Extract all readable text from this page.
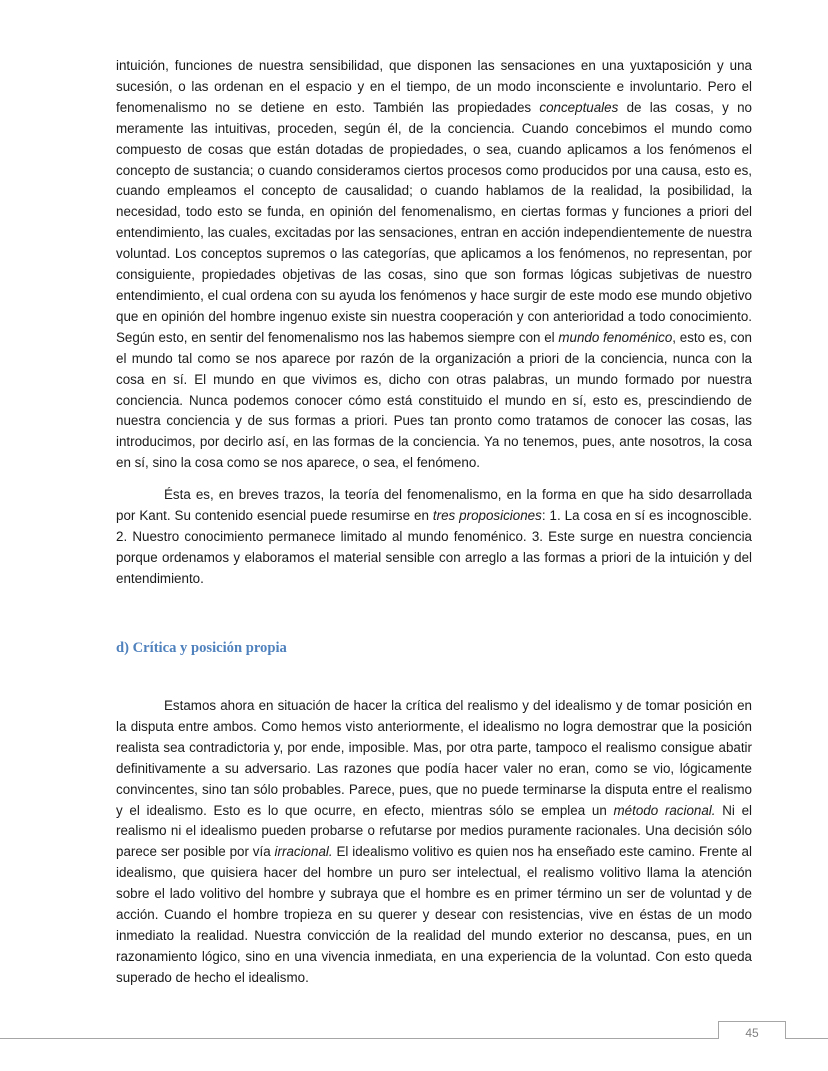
intuición, funciones de nuestra sensibilidad, que disponen las sensaciones en una yuxtaposición y una sucesión, o las ordenan en el espacio y en el tiempo, de un modo inconsciente e involuntario. Pero el fenomenalismo no se detiene en esto. También las propiedades conceptuales de las cosas, y no meramente las intuitivas, proceden, según él, de la conciencia. Cuando concebimos el mundo como compuesto de cosas que están dotadas de propiedades, o sea, cuando aplicamos a los fenómenos el concepto de sustancia; o cuando consideramos ciertos procesos como producidos por una causa, esto es, cuando empleamos el concepto de causalidad; o cuando hablamos de la realidad, la posibilidad, la necesidad, todo esto se funda, en opinión del fenomenalismo, en ciertas formas y funciones a priori del entendimiento, las cuales, excitadas por las sensaciones, entran en acción independientemente de nuestra voluntad. Los conceptos supremos o las categorías, que aplicamos a los fenómenos, no representan, por consiguiente, propiedades objetivas de las cosas, sino que son formas lógicas subjetivas de nuestro entendimiento, el cual ordena con su ayuda los fenómenos y hace surgir de este modo ese mundo objetivo que en opinión del hombre ingenuo existe sin nuestra cooperación y con anterioridad a todo conocimiento. Según esto, en sentir del fenomenalismo nos las habemos siempre con el mundo fenoménico, esto es, con el mundo tal como se nos aparece por razón de la organización a priori de la conciencia, nunca con la cosa en sí. El mundo en que vivimos es, dicho con otras palabras, un mundo formado por nuestra conciencia. Nunca podemos conocer cómo está constituido el mundo en sí, esto es, prescindiendo de nuestra conciencia y de sus formas a priori. Pues tan pronto como tratamos de conocer las cosas, las introducimos, por decirlo así, en las formas de la conciencia. Ya no tenemos, pues, ante nosotros, la cosa en sí, sino la cosa como se nos aparece, o sea, el fenómeno.

Ésta es, en breves trazos, la teoría del fenomenalismo, en la forma en que ha sido desarrollada por Kant. Su contenido esencial puede resumirse en tres proposiciones: 1. La cosa en sí es incognoscible. 2. Nuestro conocimiento permanece limitado al mundo fenoménico. 3. Este surge en nuestra conciencia porque ordenamos y elaboramos el material sensible con arreglo a las formas a priori de la intuición y del entendimiento.

d) Crítica y posición propia

Estamos ahora en situación de hacer la crítica del realismo y del idealismo y de tomar posición en la disputa entre ambos. Como hemos visto anteriormente, el idealismo no logra demostrar que la posición realista sea contradictoria y, por ende, imposible. Mas, por otra parte, tampoco el realismo consigue abatir definitivamente a su adversario. Las razones que podía hacer valer no eran, como se vio, lógicamente convincentes, sino tan sólo probables. Parece, pues, que no puede terminarse la disputa entre el realismo y el idealismo. Esto es lo que ocurre, en efecto, mientras sólo se emplea un método racional. Ni el realismo ni el idealismo pueden probarse o refutarse por medios puramente racionales. Una decisión sólo parece ser posible por vía irracional. El idealismo volitivo es quien nos ha enseñado este camino. Frente al idealismo, que quisiera hacer del hombre un puro ser intelectual, el realismo volitivo llama la atención sobre el lado volitivo del hombre y subraya que el hombre es en primer término un ser de voluntad y de acción. Cuando el hombre tropieza en su querer y desear con resistencias, vive en éstas de un modo inmediato la realidad. Nuestra convicción de la realidad del mundo exterior no descansa, pues, en un razonamiento lógico, sino en una vivencia inmediata, en una experiencia de la voluntad. Con esto queda superado de hecho el idealismo.

45
